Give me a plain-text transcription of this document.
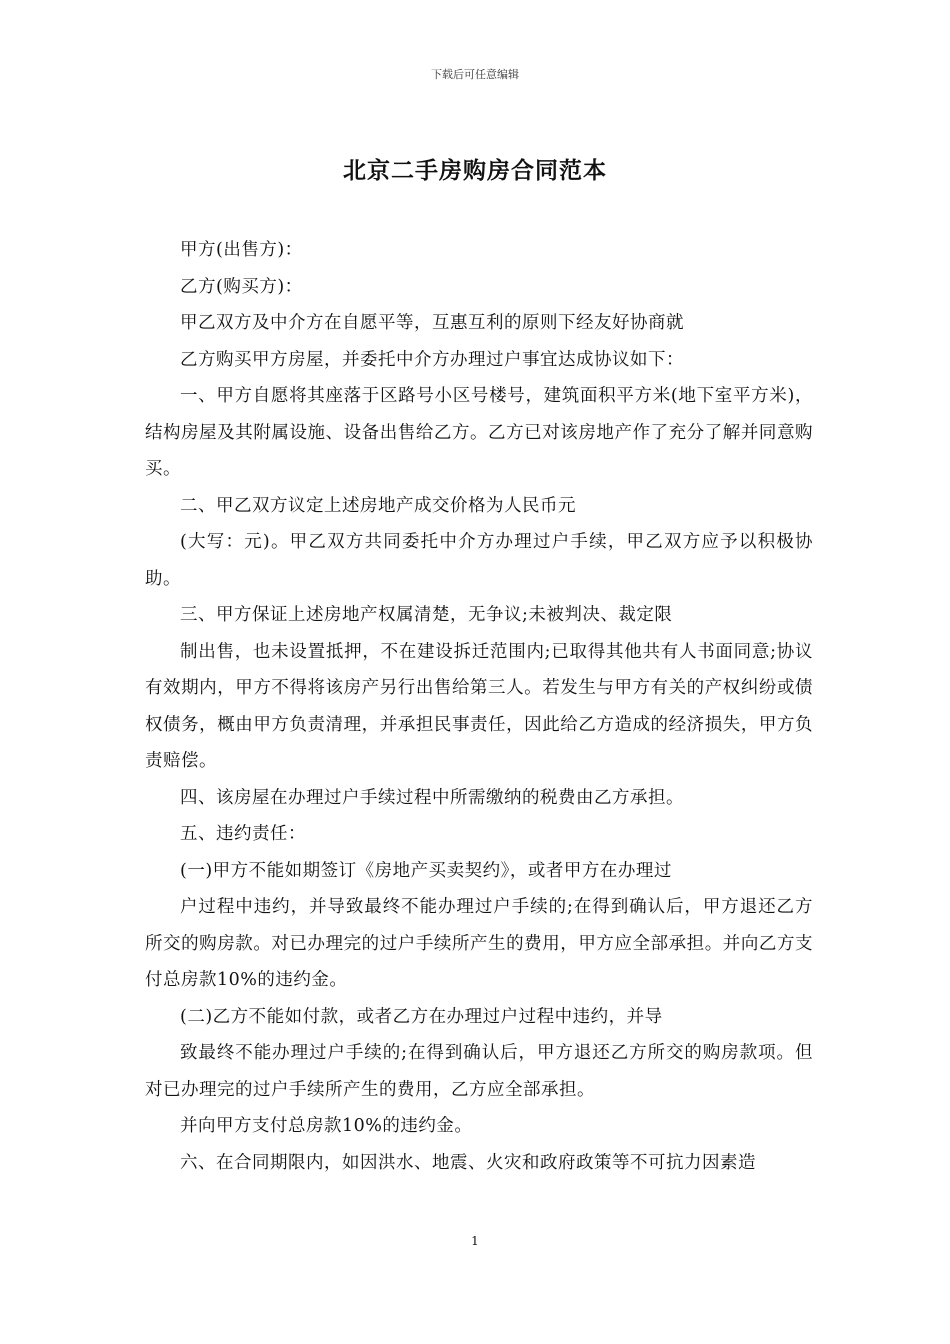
下载后可任意编辑
北京二手房购房合同范本

甲方(出售方)：

乙方(购买方)：

甲乙双方及中介方在自愿平等，互惠互利的原则下经友好协商就

乙方购买甲方房屋，并委托中介方办理过户事宜达成协议如下：

一、甲方自愿将其座落于区路号小区号楼号，建筑面积平方米(地下室平方米)，结构房屋及其附属设施、设备出售给乙方。乙方已对该房地产作了充分了解并同意购买。

二、甲乙双方议定上述房地产成交价格为人民币元

(大写：元)。甲乙双方共同委托中介方办理过户手续，甲乙双方应予以积极协助。

三、甲方保证上述房地产权属清楚，无争议;未被判决、裁定限

制出售，也未设置抵押，不在建设拆迁范围内;已取得其他共有人书面同意;协议有效期内，甲方不得将该房产另行出售给第三人。若发生与甲方有关的产权纠纷或债权债务，概由甲方负责清理，并承担民事责任，因此给乙方造成的经济损失，甲方负责赔偿。

四、该房屋在办理过户手续过程中所需缴纳的税费由乙方承担。

五、违约责任：

(一)甲方不能如期签订《房地产买卖契约》，或者甲方在办理过

户过程中违约，并导致最终不能办理过户手续的;在得到确认后，甲方退还乙方所交的购房款。对已办理完的过户手续所产生的费用，甲方应全部承担。并向乙方支付总房款10%的违约金。

(二)乙方不能如付款，或者乙方在办理过户过程中违约，并导

致最终不能办理过户手续的;在得到确认后，甲方退还乙方所交的购房款项。但对已办理完的过户手续所产生的费用，乙方应全部承担。

并向甲方支付总房款10%的违约金。

六、在合同期限内，如因洪水、地震、火灾和政府政策等不可抗力因素造

1
